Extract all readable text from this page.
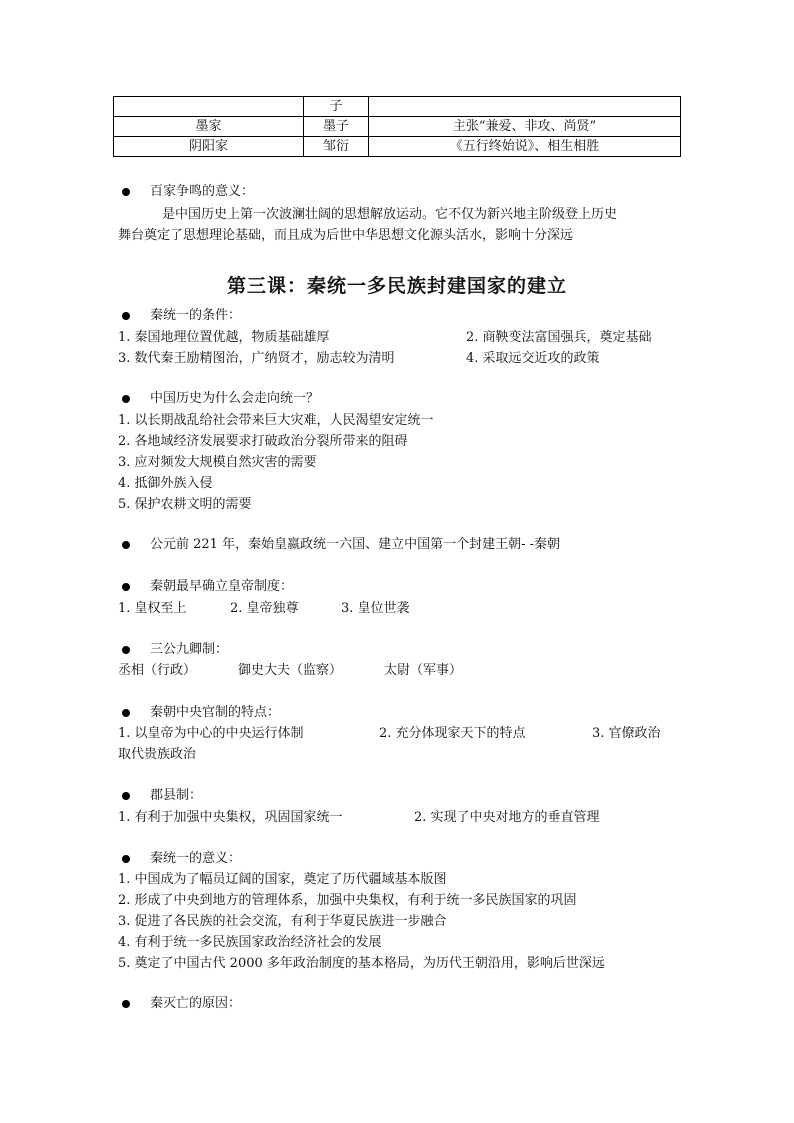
	子	
墨家	墨子	主张“兼爱、非攻、尚贤”
阴阳家	邹衍	《五行终始说》、相生相胜
百家争鸣的意义：
是中国历史上第一次波澜壮阔的思想解放运动。它不仅为新兴地主阶级登上历史
舞台奠定了思想理论基础，而且成为后世中华思想文化源头活水，影响十分深远
第三课：秦统一多民族封建国家的建立
秦统一的条件：
1. 秦国地理位置优越，物质基础雄厚	2. 商鞅变法富国强兵，奠定基础
3. 数代秦王励精图治，广纳贤才，励志较为清明	4. 采取远交近攻的政策
中国历史为什么会走向统一？
1. 以长期战乱给社会带来巨大灾难，人民渴望安定统一
2. 各地域经济发展要求打破政治分裂所带来的阻碍
3. 应对频发大规模自然灾害的需要
4. 抵御外族入侵
5. 保护农耕文明的需要
公元前 221 年，秦始皇嬴政统一六国、建立中国第一个封建王朝- -秦朝
秦朝最早确立皇帝制度：
1. 皇权至上	2. 皇帝独尊	3. 皇位世袭
三公九卿制：
丞相（行政）	御史大夫（监察）	太尉（军事）
秦朝中央官制的特点：
1. 以皇帝为中心的中央运行体制	2. 充分体现家天下的特点	3. 官僚政治
取代贵族政治
郡县制：
1. 有利于加强中央集权，巩固国家统一	2. 实现了中央对地方的垂直管理
秦统一的意义：
1. 中国成为了幅员辽阔的国家，奠定了历代疆域基本版图
2. 形成了中央到地方的管理体系，加强中央集权，有利于统一多民族国家的巩固
3. 促进了各民族的社会交流，有利于华夏民族进一步融合
4. 有利于统一多民族国家政治经济社会的发展
5. 奠定了中国古代 2000 多年政治制度的基本格局，为历代王朝沿用，影响后世深远
秦灭亡的原因：
